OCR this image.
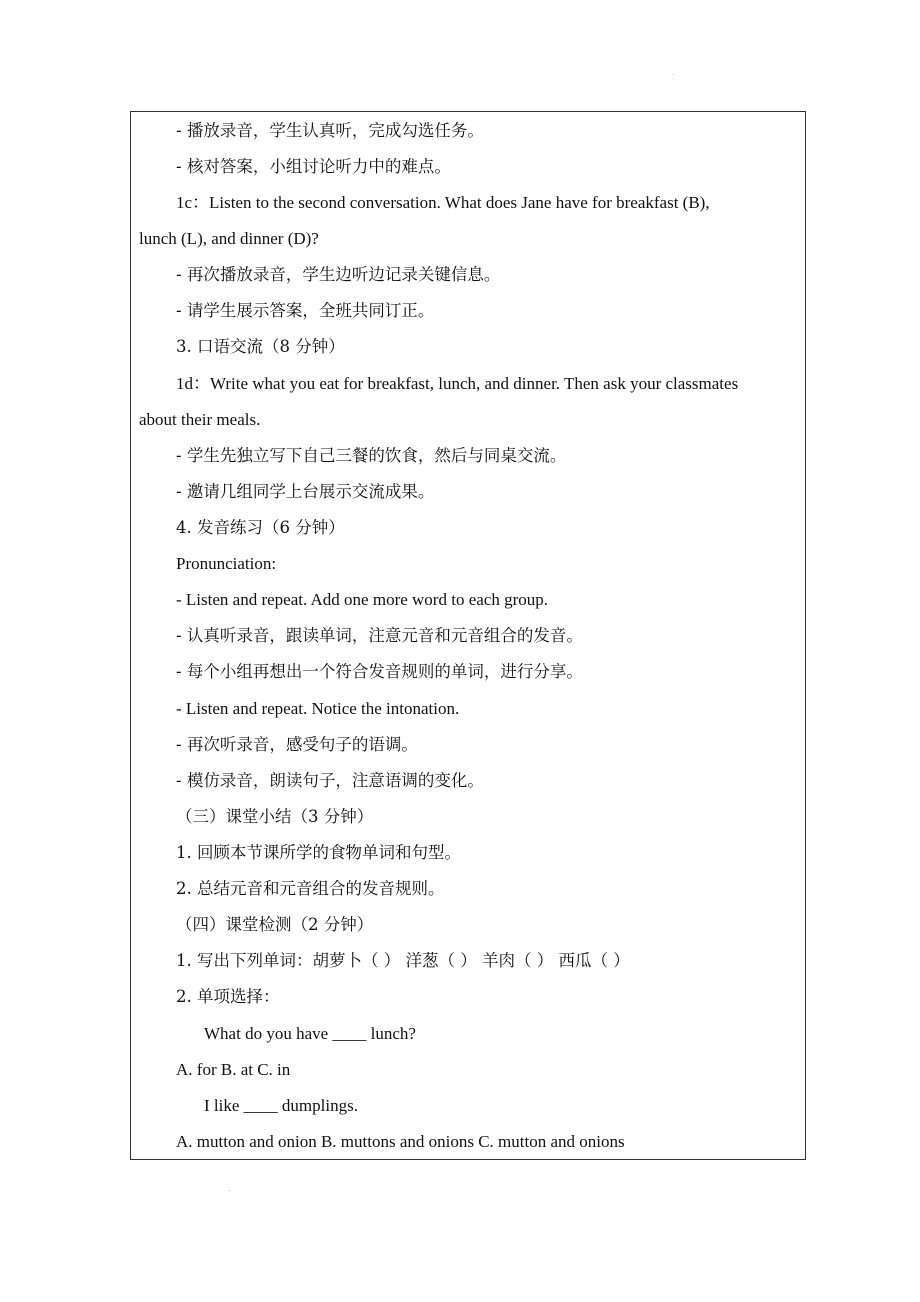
·
- 播放录音，学生认真听，完成勾选任务。
- 核对答案，小组讨论听力中的难点。
1c：Listen to the second conversation. What does Jane have for breakfast (B),
lunch (L), and dinner (D)?
- 再次播放录音，学生边听边记录关键信息。
- 请学生展示答案，全班共同订正。
3. 口语交流（8 分钟）
1d：Write what you eat for breakfast, lunch, and dinner. Then ask your classmates
about their meals.
- 学生先独立写下自己三餐的饮食，然后与同桌交流。
- 邀请几组同学上台展示交流成果。
4. 发音练习（6 分钟）
Pronunciation:
- Listen and repeat. Add one more word to each group.
- 认真听录音，跟读单词，注意元音和元音组合的发音。
- 每个小组再想出一个符合发音规则的单词，进行分享。
- Listen and repeat. Notice the intonation.
- 再次听录音，感受句子的语调。
- 模仿录音，朗读句子，注意语调的变化。
（三）课堂小结（3 分钟）
1. 回顾本节课所学的食物单词和句型。
2. 总结元音和元音组合的发音规则。
（四）课堂检测（2 分钟）
1. 写出下列单词：胡萝卜（ ） 洋葱（ ） 羊肉（ ） 西瓜（ ）
2. 单项选择：
What do you have ____ lunch?
A. for B. at C. in
I like ____ dumplings.
A. mutton and onion B. muttons and onions C. mutton and onions
·
